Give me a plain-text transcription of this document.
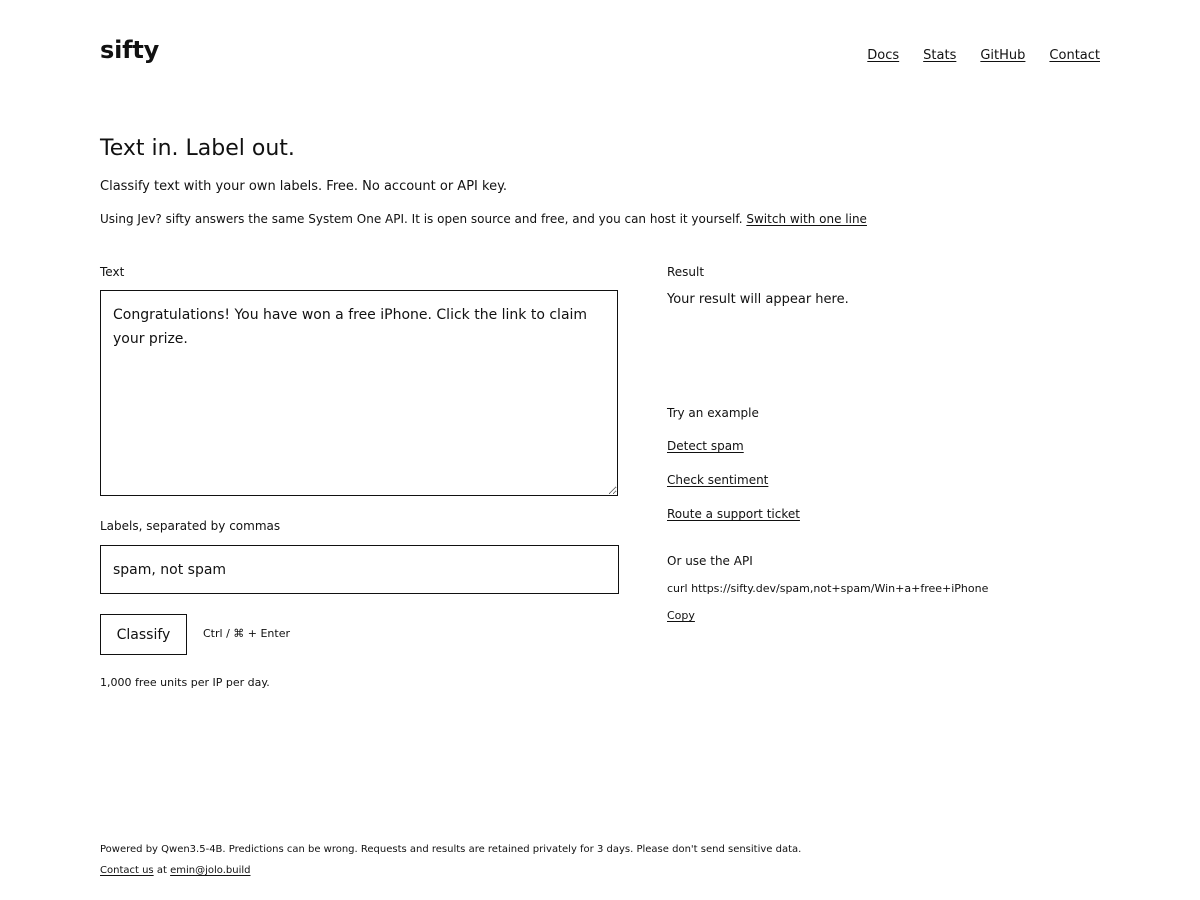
sifty	Docs Stats GitHub Contact
Text in. Label out.
Classify text with your own labels. Free. No account or API key.
Using Jev? sifty answers the same System One API. It is open source and free, and you can host it yourself. Switch with one line
Text
Congratulations! You have won a free iPhone. Click the link to claim your prize.
Labels, separated by commas
spam, not spam
Classify	Ctrl / ⌘ + Enter
1,000 free units per IP per day.
Result
Your result will appear here.
Try an example
Detect spam
Check sentiment
Route a support ticket
Or use the API
curl https://sifty.dev/spam,not+spam/Win+a+free+iPhone
Copy
Powered by Qwen3.5-4B. Predictions can be wrong. Requests and results are retained privately for 3 days. Please don't send sensitive data.
Contact us at emin@jolo.build
